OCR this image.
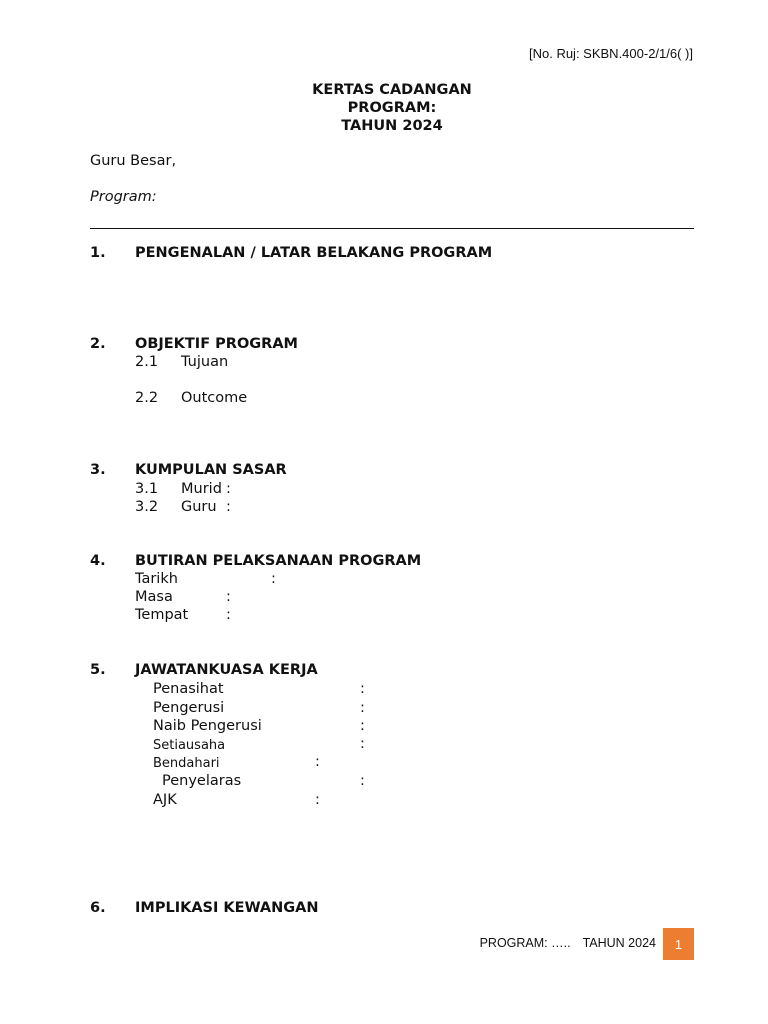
[No. Ruj: SKBN.400-2/1/6( )]
KERTAS CADANGAN
PROGRAM:
TAHUN 2024
Guru Besar,
Program:
1. PENGENALAN / LATAR BELAKANG PROGRAM
2. OBJEKTIF PROGRAM
2.1 Tujuan
2.2 Outcome
3. KUMPULAN SASAR
3.1 Murid :
3.2 Guru :
4. BUTIRAN PELAKSANAAN PROGRAM
Tarikh	:
Masa	:
Tempat	:
5. JAWATANKUASA KERJA
Penasihat	:
Pengerusi	:
Naib Pengerusi	:
Setiausaha	:
Bendahari	:
Penyelaras	:
AJK	:
6. IMPLIKASI KEWANGAN
PROGRAM: ….. TAHUN 2024 1
